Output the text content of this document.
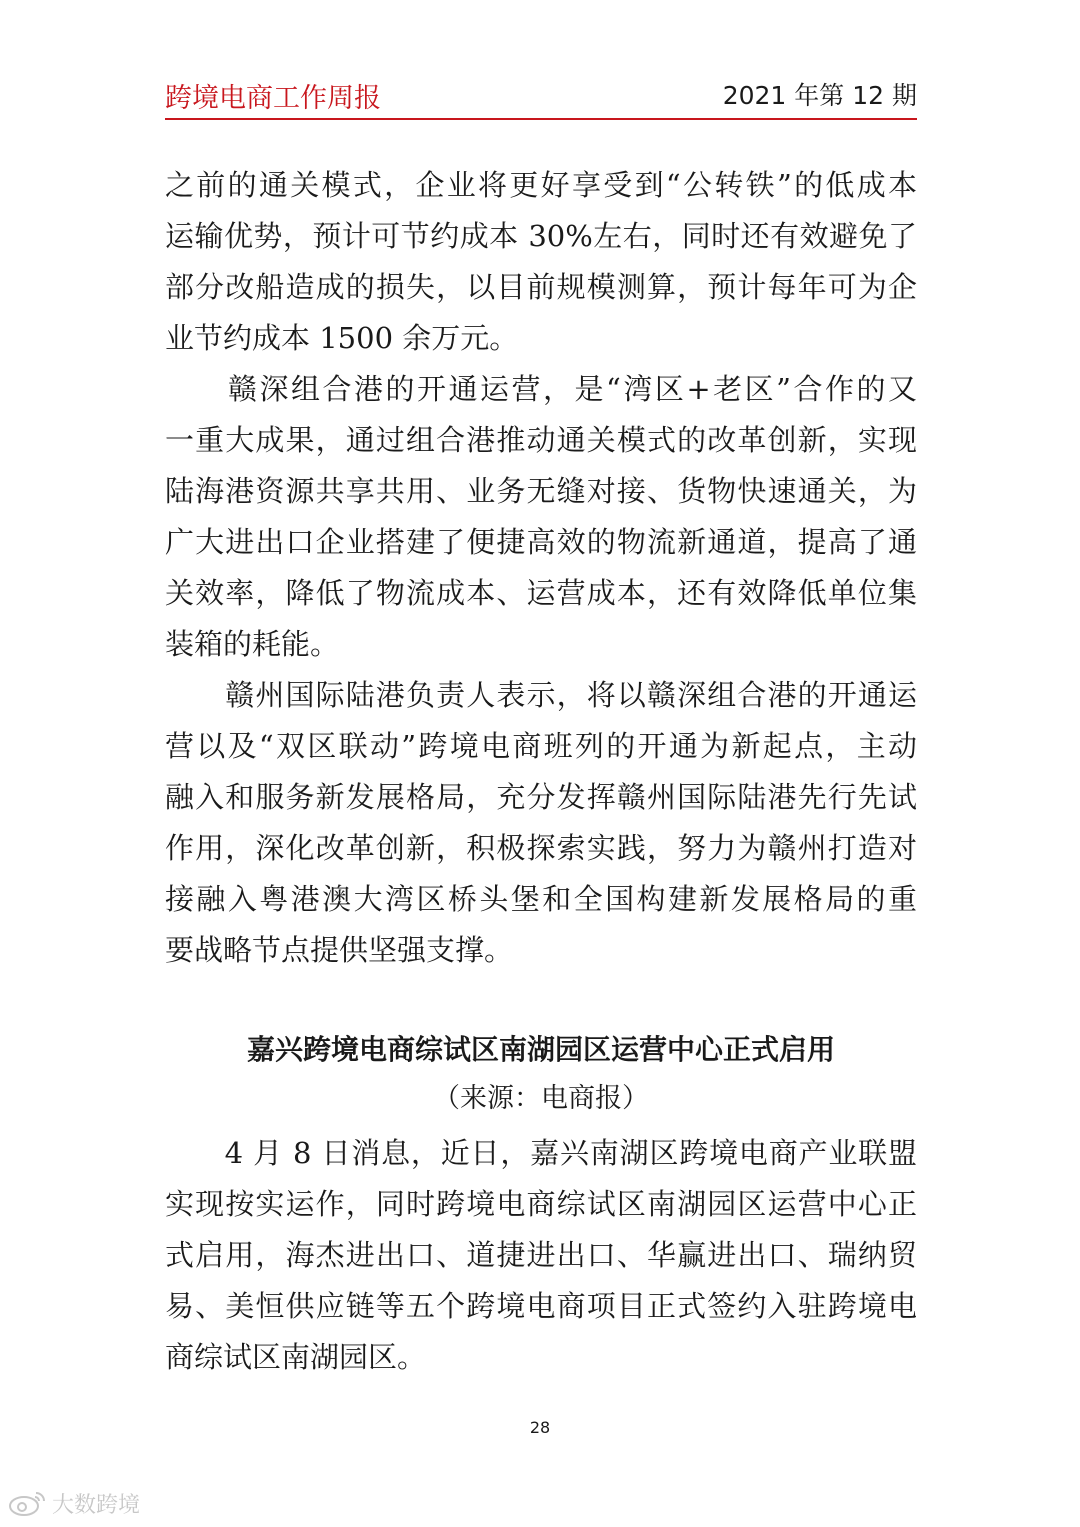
跨境电商工作周报	2021 年第 12 期
之前的通关模式，企业将更好享受到“公转铁”的低成本
运输优势，预计可节约成本 30%左右，同时还有效避免了
部分改船造成的损失，以目前规模测算，预计每年可为企
业节约成本 1500 余万元。
　　赣深组合港的开通运营，是“湾区+老区”合作的又
一重大成果，通过组合港推动通关模式的改革创新，实现
陆海港资源共享共用、业务无缝对接、货物快速通关，为
广大进出口企业搭建了便捷高效的物流新通道，提高了通
关效率，降低了物流成本、运营成本，还有效降低单位集
装箱的耗能。
　　赣州国际陆港负责人表示，将以赣深组合港的开通运
营以及“双区联动”跨境电商班列的开通为新起点，主动
融入和服务新发展格局，充分发挥赣州国际陆港先行先试
作用，深化改革创新，积极探索实践，努力为赣州打造对
接融入粤港澳大湾区桥头堡和全国构建新发展格局的重
要战略节点提供坚强支撑。
嘉兴跨境电商综试区南湖园区运营中心正式启用
（来源：电商报）
　　4 月 8 日消息，近日，嘉兴南湖区跨境电商产业联盟
实现按实运作，同时跨境电商综试区南湖园区运营中心正
式启用，海杰进出口、道捷进出口、华赢进出口、瑞纳贸
易、美恒供应链等五个跨境电商项目正式签约入驻跨境电
商综试区南湖园区。
28
大数跨境
